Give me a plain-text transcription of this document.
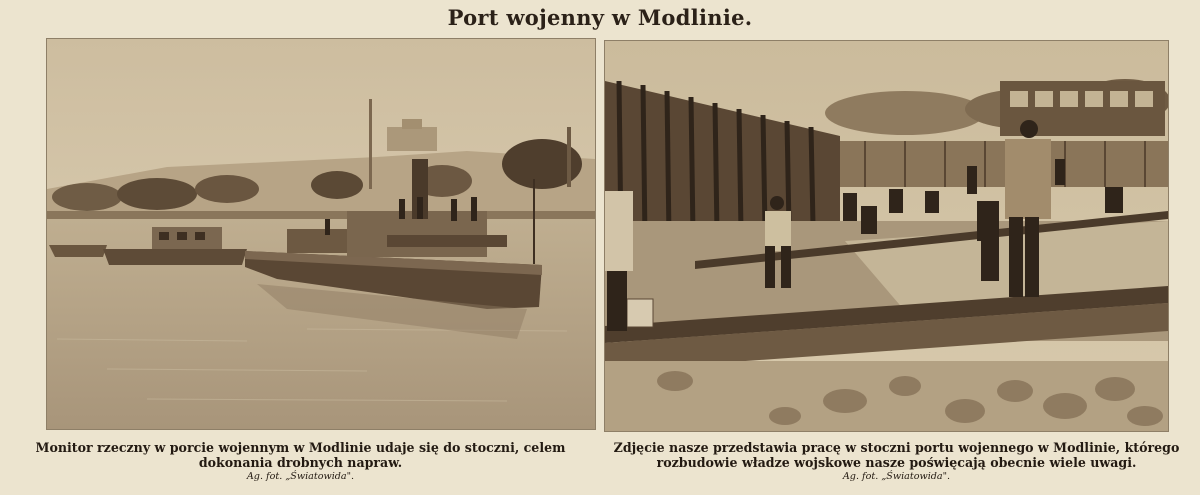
Port wojenny w Modlinie.
Monitor rzeczny w porcie wojennym w Modlinie udaje się do stoczni, celem dokonania drobnych napraw.
Ag. fot. „Światowida".
Zdjęcie nasze przedstawia pracę w stoczni portu wojennego w Modlinie, którego rozbudowie władze wojskowe nasze poświęcają obecnie wiele uwagi.
Ag. fot. „Światowida".
